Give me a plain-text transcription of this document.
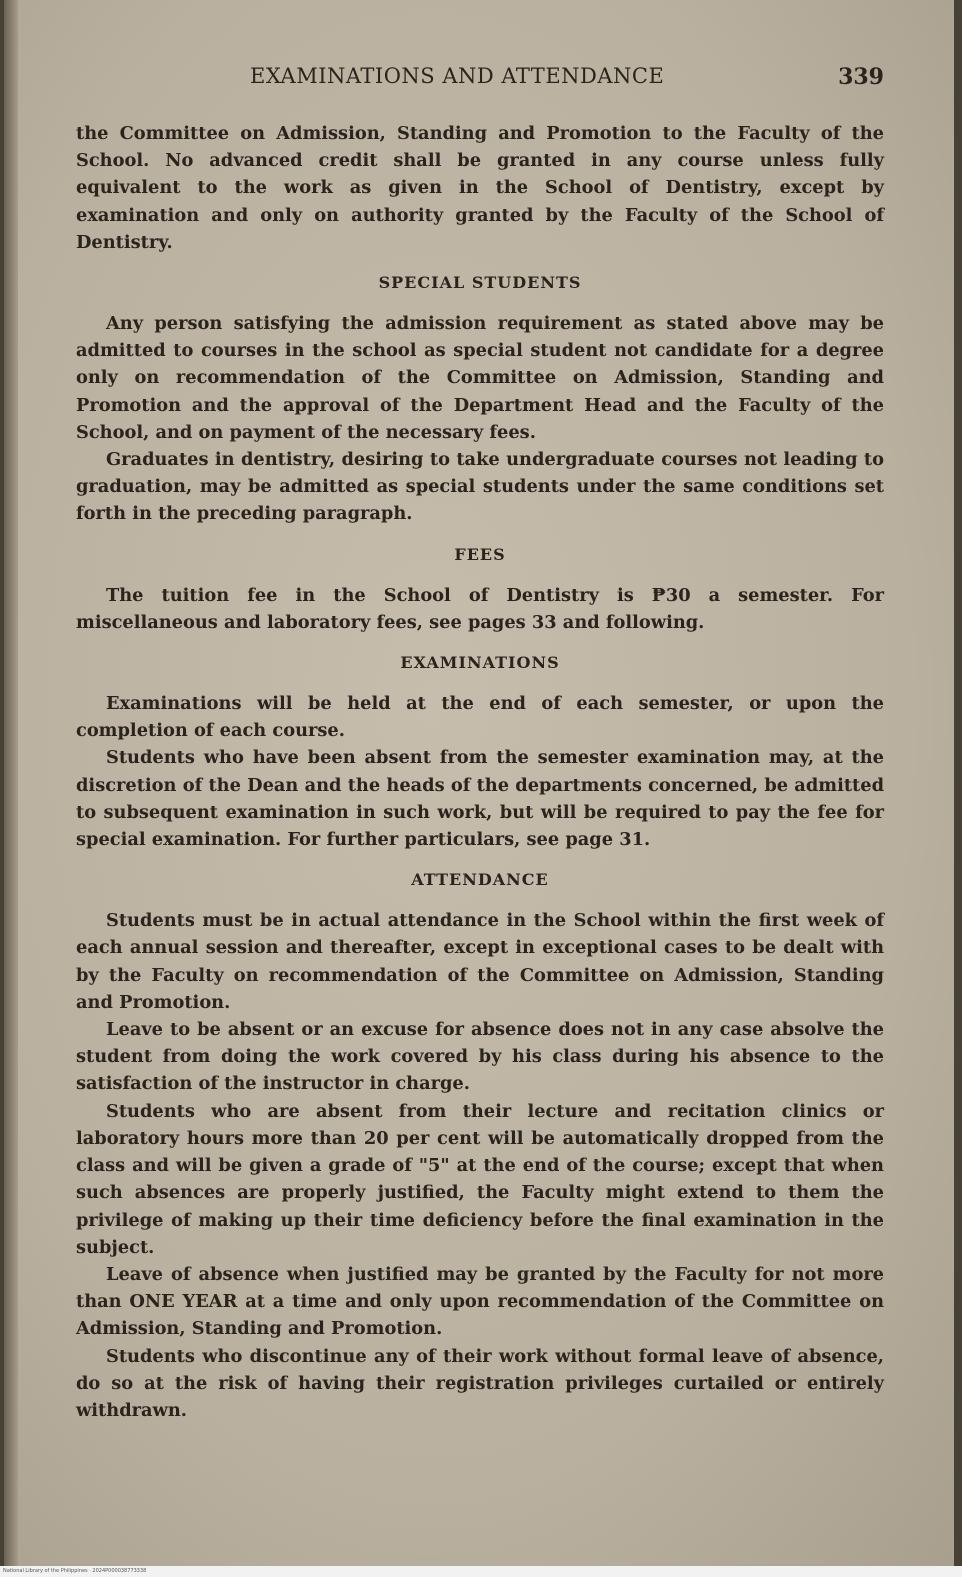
EXAMINATIONS AND ATTENDANCE	339

the Committee on Admission, Standing and Promotion to the Faculty of the School. No advanced credit shall be granted in any course unless fully equivalent to the work as given in the School of Dentistry, except by examination and only on authority granted by the Faculty of the School of Dentistry.

SPECIAL STUDENTS

Any person satisfying the admission requirement as stated above may be admitted to courses in the school as special student not candidate for a degree only on recommendation of the Committee on Admission, Standing and Promotion and the approval of the Department Head and the Faculty of the School, and on payment of the necessary fees.

Graduates in dentistry, desiring to take undergraduate courses not leading to graduation, may be admitted as special students under the same conditions set forth in the preceding paragraph.

FEES

The tuition fee in the School of Dentistry is ₱30 a semester. For miscellaneous and laboratory fees, see pages 33 and following.

EXAMINATIONS

Examinations will be held at the end of each semester, or upon the completion of each course.

Students who have been absent from the semester examination may, at the discretion of the Dean and the heads of the departments concerned, be admitted to subsequent examination in such work, but will be required to pay the fee for special examination. For further particulars, see page 31.

ATTENDANCE

Students must be in actual attendance in the School within the first week of each annual session and thereafter, except in exceptional cases to be dealt with by the Faculty on recommendation of the Committee on Admission, Standing and Promotion.

Leave to be absent or an excuse for absence does not in any case absolve the student from doing the work covered by his class during his absence to the satisfaction of the instructor in charge.

Students who are absent from their lecture and recitation clinics or laboratory hours more than 20 per cent will be automatically dropped from the class and will be given a grade of "5" at the end of the course; except that when such absences are properly justified, the Faculty might extend to them the privilege of making up their time deficiency before the final examination in the subject.

Leave of absence when justified may be granted by the Faculty for not more than ONE YEAR at a time and only upon recommendation of the Committee on Admission, Standing and Promotion.

Students who discontinue any of their work without formal leave of absence, do so at the risk of having their registration privileges curtailed or entirely withdrawn.

National Library of the Philippines · 2024P000038773338
